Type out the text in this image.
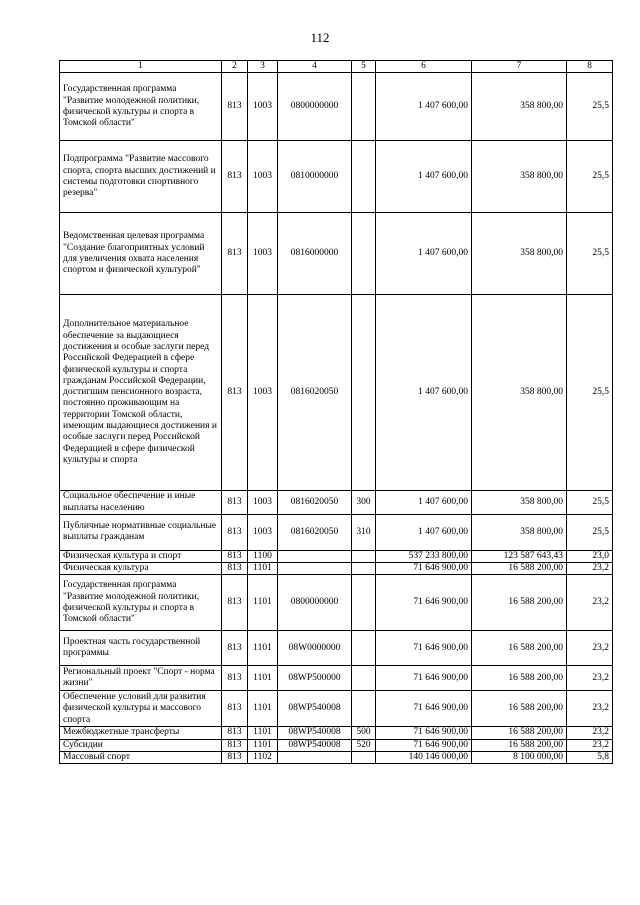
112
1	2	3	4	5	6	7	8
Государственная программа "Развитие молодежной политики, физической культуры и спорта в Томской области"	813	1003	0800000000		1 407 600,00	358 800,00	25,5
Подпрограмма "Развитие массового спорта, спорта высших достижений и системы подготовки спортивного резерва"	813	1003	0810000000		1 407 600,00	358 800,00	25,5
Ведомственная целевая программа "Создание благоприятных условий для увеличения охвата населения спортом и физической культурой"	813	1003	0816000000		1 407 600,00	358 800,00	25,5
Дополнительное материальное обеспечение за выдающиеся достижения и особые заслуги перед Российской Федерацией в сфере физической культуры и спорта гражданам Российской Федерации, достигшим пенсионного возраста, постоянно проживающим на территории Томской области, имеющим выдающиеся достижения и особые заслуги перед Российской Федерацией в сфере физической культуры и спорта	813	1003	0816020050		1 407 600,00	358 800,00	25,5
Социальное обеспечение и иные выплаты населению	813	1003	0816020050	300	1 407 600,00	358 800,00	25,5
Публичные нормативные социальные выплаты гражданам	813	1003	0816020050	310	1 407 600,00	358 800,00	25,5
Физическая культура и спорт	813	1100			537 233 800,00	123 587 643,43	23,0
Физическая культура	813	1101			71 646 900,00	16 588 200,00	23,2
Государственная программа "Развитие молодежной политики, физической культуры и спорта в Томской области"	813	1101	0800000000		71 646 900,00	16 588 200,00	23,2
Проектная часть государственной программы	813	1101	08W0000000		71 646 900,00	16 588 200,00	23,2
Региональный проект "Спорт - норма жизни"	813	1101	08WP500000		71 646 900,00	16 588 200,00	23,2
Обеспечение условий для развития физической культуры и массового спорта	813	1101	08WP540008		71 646 900,00	16 588 200,00	23,2
Межбюджетные трансферты	813	1101	08WP540008	500	71 646 900,00	16 588 200,00	23,2
Субсидии	813	1101	08WP540008	520	71 646 900,00	16 588 200,00	23,2
Массовый спорт	813	1102			140 146 000,00	8 100 000,00	5,8
